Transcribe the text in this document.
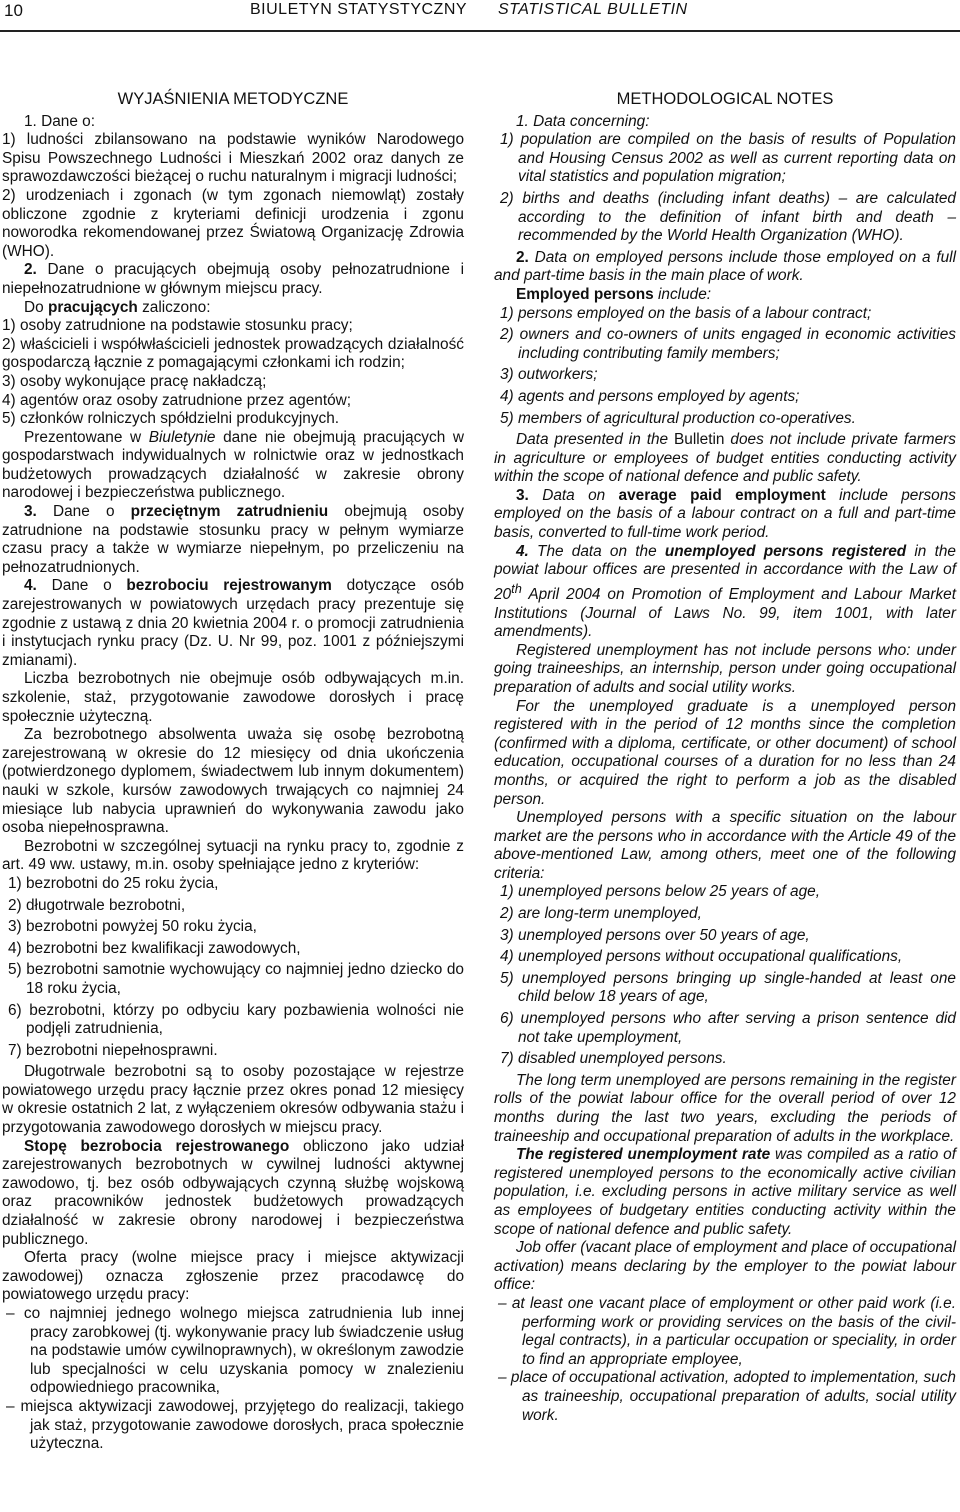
10	BIULETYN STATYSTYCZNY STATISTICAL BULLETIN
WYJAŚNIENIA METODYCZNE

1. Dane o:

1) ludności zbilansowano na podstawie wyników Narodowego Spisu Powszechnego Ludności i Mieszkań 2002 oraz danych ze sprawozdawczości bieżącej o ruchu naturalnym i migracji ludności;

2) urodzeniach i zgonach (w tym zgonach niemowląt) zostały obliczone zgodnie z kryteriami definicji urodzenia i zgonu noworodka rekomendowanej przez Światową Organizację Zdrowia (WHO).

2. Dane o pracujących obejmują osoby pełnozatrudnione i niepełnozatrudnione w głównym miejscu pracy.

Do pracujących zaliczono:

1) osoby zatrudnione na podstawie stosunku pracy;

2) właścicieli i współwłaścicieli jednostek prowadzących działalność gospodarczą łącznie z pomagającymi członkami ich rodzin;

3) osoby wykonujące pracę nakładczą;

4) agentów oraz osoby zatrudnione przez agentów;

5) członków rolniczych spółdzielni produkcyjnych.

Prezentowane w Biuletynie dane nie obejmują pracujących w gospodarstwach indywidualnych w rolnictwie oraz w jednostkach budżetowych prowadzących działalność w zakresie obrony narodowej i bezpieczeństwa publicznego.

3. Dane o przeciętnym zatrudnieniu obejmują osoby zatrudnione na podstawie stosunku pracy w pełnym wymiarze czasu pracy a także w wymiarze niepełnym, po przeliczeniu na pełnozatrudnionych.

4. Dane o bezrobociu rejestrowanym dotyczące osób zarejestrowanych w powiatowych urzędach pracy prezentuje się zgodnie z ustawą z dnia 20 kwietnia 2004 r. o promocji zatrudnienia i instytucjach rynku pracy (Dz. U. Nr 99, poz. 1001 z późniejszymi zmianami).

Liczba bezrobotnych nie obejmuje osób odbywających m.in. szkolenie, staż, przygotowanie zawodowe dorosłych i pracę społecznie użyteczną.

Za bezrobotnego absolwenta uważa się osobę bezrobotną zarejestrowaną w okresie do 12 miesięcy od dnia ukończenia (potwierdzonego dyplomem, świadectwem lub innym dokumentem) nauki w szkole, kursów zawodowych trwających co najmniej 24 miesiące lub nabycia uprawnień do wykonywania zawodu jako osoba niepełnosprawna.

Bezrobotni w szczególnej sytuacji na rynku pracy to, zgodnie z art. 49 ww. ustawy, m.in. osoby spełniające jedno z kryteriów:

1) bezrobotni do 25 roku życia,

2) długotrwale bezrobotni,

3) bezrobotni powyżej 50 roku życia,

4) bezrobotni bez kwalifikacji zawodowych,

5) bezrobotni samotnie wychowujący co najmniej jedno dziecko do 18 roku życia,

6) bezrobotni, którzy po odbyciu kary pozbawienia wolności nie podjęli zatrudnienia,

7) bezrobotni niepełnosprawni.

Długotrwale bezrobotni są to osoby pozostające w rejestrze powiatowego urzędu pracy łącznie przez okres ponad 12 miesięcy w okresie ostatnich 2 lat, z wyłączeniem okresów odbywania stażu i przygotowania zawodowego dorosłych w miejscu pracy.

Stopę bezrobocia rejestrowanego obliczono jako udział zarejestrowanych bezrobotnych w cywilnej ludności aktywnej zawodowo, tj. bez osób odbywających czynną służbę wojskową oraz pracowników jednostek budżetowych prowadzących działalność w zakresie obrony narodowej i bezpieczeństwa publicznego.

Oferta pracy (wolne miejsce pracy i miejsce aktywizacji zawodowej) oznacza zgłoszenie przez pracodawcę do powiatowego urzędu pracy:

– co najmniej jednego wolnego miejsca zatrudnienia lub innej pracy zarobkowej (tj. wykonywanie pracy lub świadczenie usług na podstawie umów cywilnoprawnych), w określonym zawodzie lub specjalności w celu uzyskania pomocy w znalezieniu odpowiedniego pracownika,

– miejsca aktywizacji zawodowej, przyjętego do realizacji, takiego jak staż, przygotowanie zawodowe dorosłych, praca społecznie użyteczna.

METHODOLOGICAL NOTES

1. Data concerning:

1) population are compiled on the basis of results of Population and Housing Census 2002 as well as current reporting data on vital statistics and population migration;

2) births and deaths (including infant deaths) – are calculated according to the definition of infant birth and death – recommended by the World Health Organization (WHO).

2. Data on employed persons include those employed on a full and part-time basis in the main place of work.

Employed persons include:

1) persons employed on the basis of a labour contract;

2) owners and co-owners of units engaged in economic activities including contributing family members;

3) outworkers;

4) agents and persons employed by agents;

5) members of agricultural production co-operatives.

Data presented in the Bulletin does not include private farmers in agriculture or employees of budget entities conducting activity within the scope of national defence and public safety.

3. Data on average paid employment include persons employed on the basis of a labour contract on a full and part-time basis, converted to full-time work period.

4. The data on the unemployed persons registered in the powiat labour offices are presented in accordance with the Law of 20th April 2004 on Promotion of Employment and Labour Market Institutions (Journal of Laws No. 99, item 1001, with later amendments).

Registered unemployment has not include persons who: under going traineeships, an internship, person under going occupational preparation of adults and social utility works.

For the unemployed graduate is a unemployed person registered with in the period of 12 months since the completion (confirmed with a diploma, certificate, or other document) of school education, occupational courses of a duration for no less than 24 months, or acquired the right to perform a job as the disabled person.

Unemployed persons with a specific situation on the labour market are the persons who in accordance with the Article 49 of the above-mentioned Law, among others, meet one of the following criteria:

1) unemployed persons below 25 years of age,

2) are long-term unemployed,

3) unemployed persons over 50 years of age,

4) unemployed persons without occupational qualifications,

5) unemployed persons bringing up single-handed at least one child below 18 years of age,

6) unemployed persons who after serving a prison sentence did not take upemployment,

7) disabled unemployed persons.

The long term unemployed are persons remaining in the register rolls of the powiat labour office for the overall period of over 12 months during the last two years, excluding the periods of traineeship and occupational preparation of adults in the workplace.

The registered unemployment rate was compiled as a ratio of registered unemployed persons to the economically active civilian population, i.e. excluding persons in active military service as well as employees of budgetary entities conducting activity within the scope of national defence and public safety.

Job offer (vacant place of employment and place of occupational activation) means declaring by the employer to the powiat labour office:

– at least one vacant place of employment or other paid work (i.e. performing work or providing services on the basis of the civil-legal contracts), in a particular occupation or speciality, in order to find an appropriate employee,

– place of occupational activation, adopted to implementation, such as traineeship, occupational preparation of adults, social utility work.
